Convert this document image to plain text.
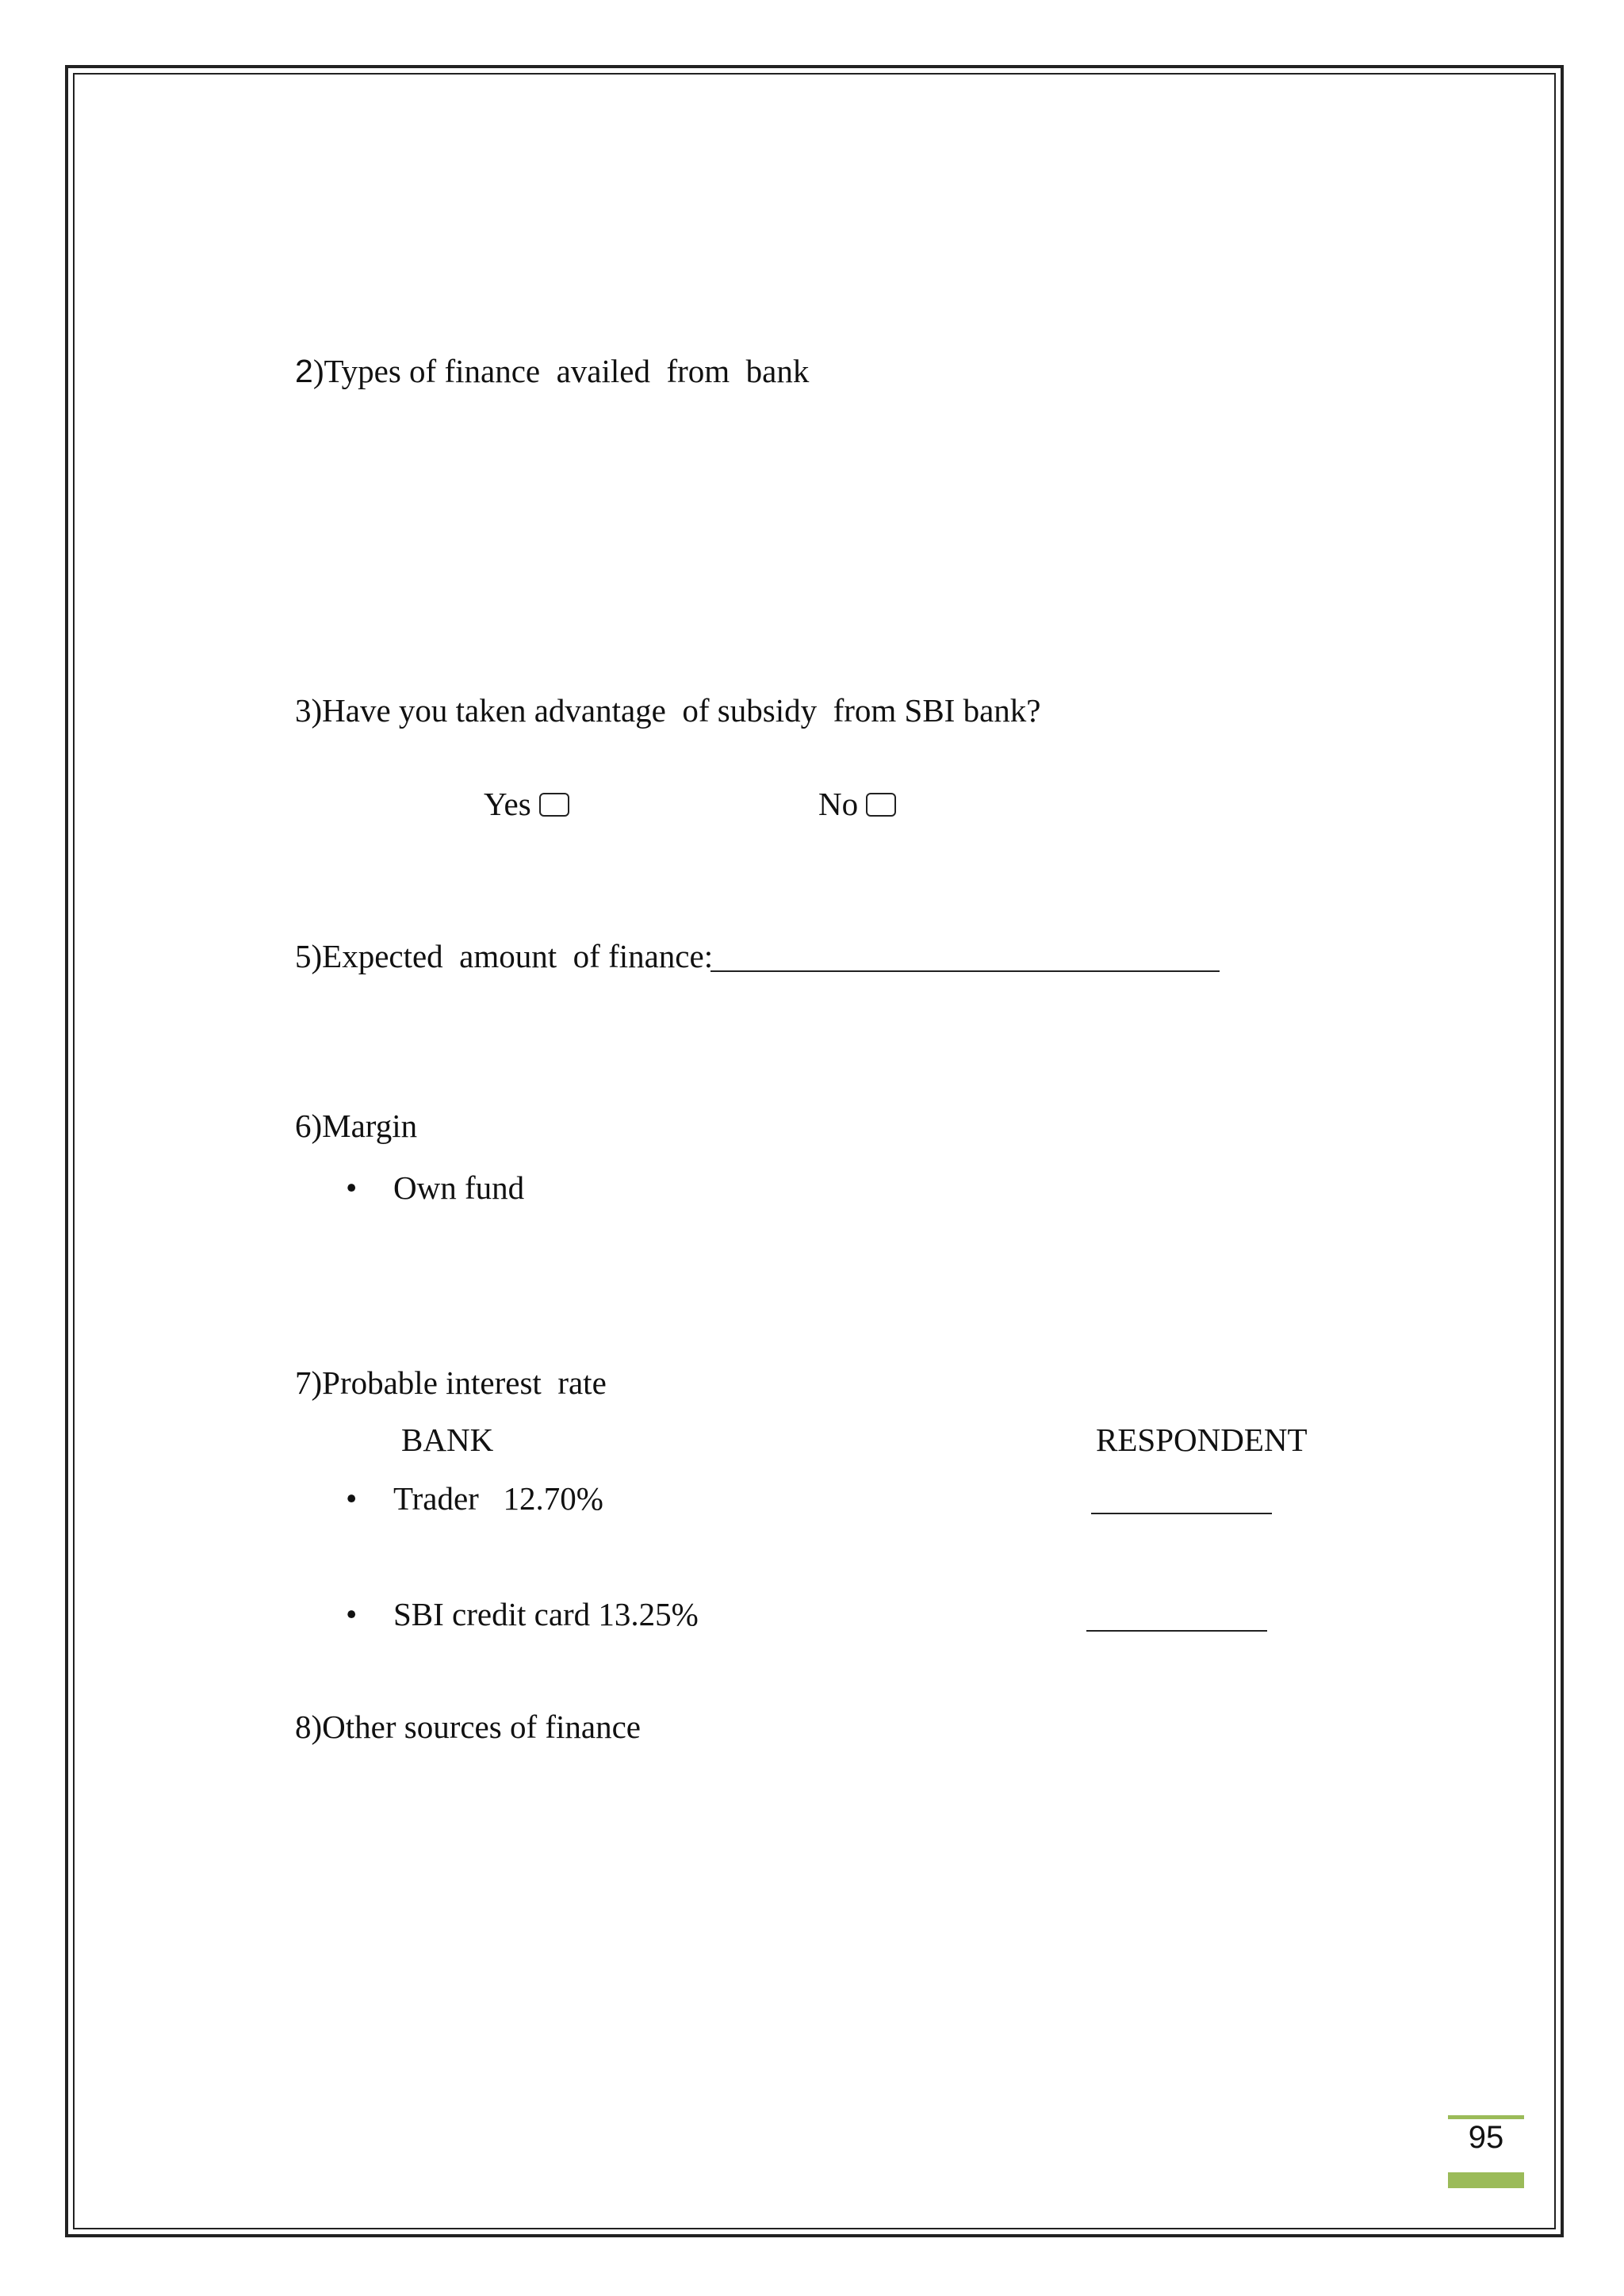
2)Types of finance  availed  from  bank
3)Have you taken advantage  of subsidy  from SBI bank?
Yes	No
5)Expected  amount  of finance:
6)Margin
• Own fund
7)Probable interest  rate
BANK	RESPONDENT
• Trader   12.70%
• SBI credit card 13.25%
8)Other sources of finance
95
